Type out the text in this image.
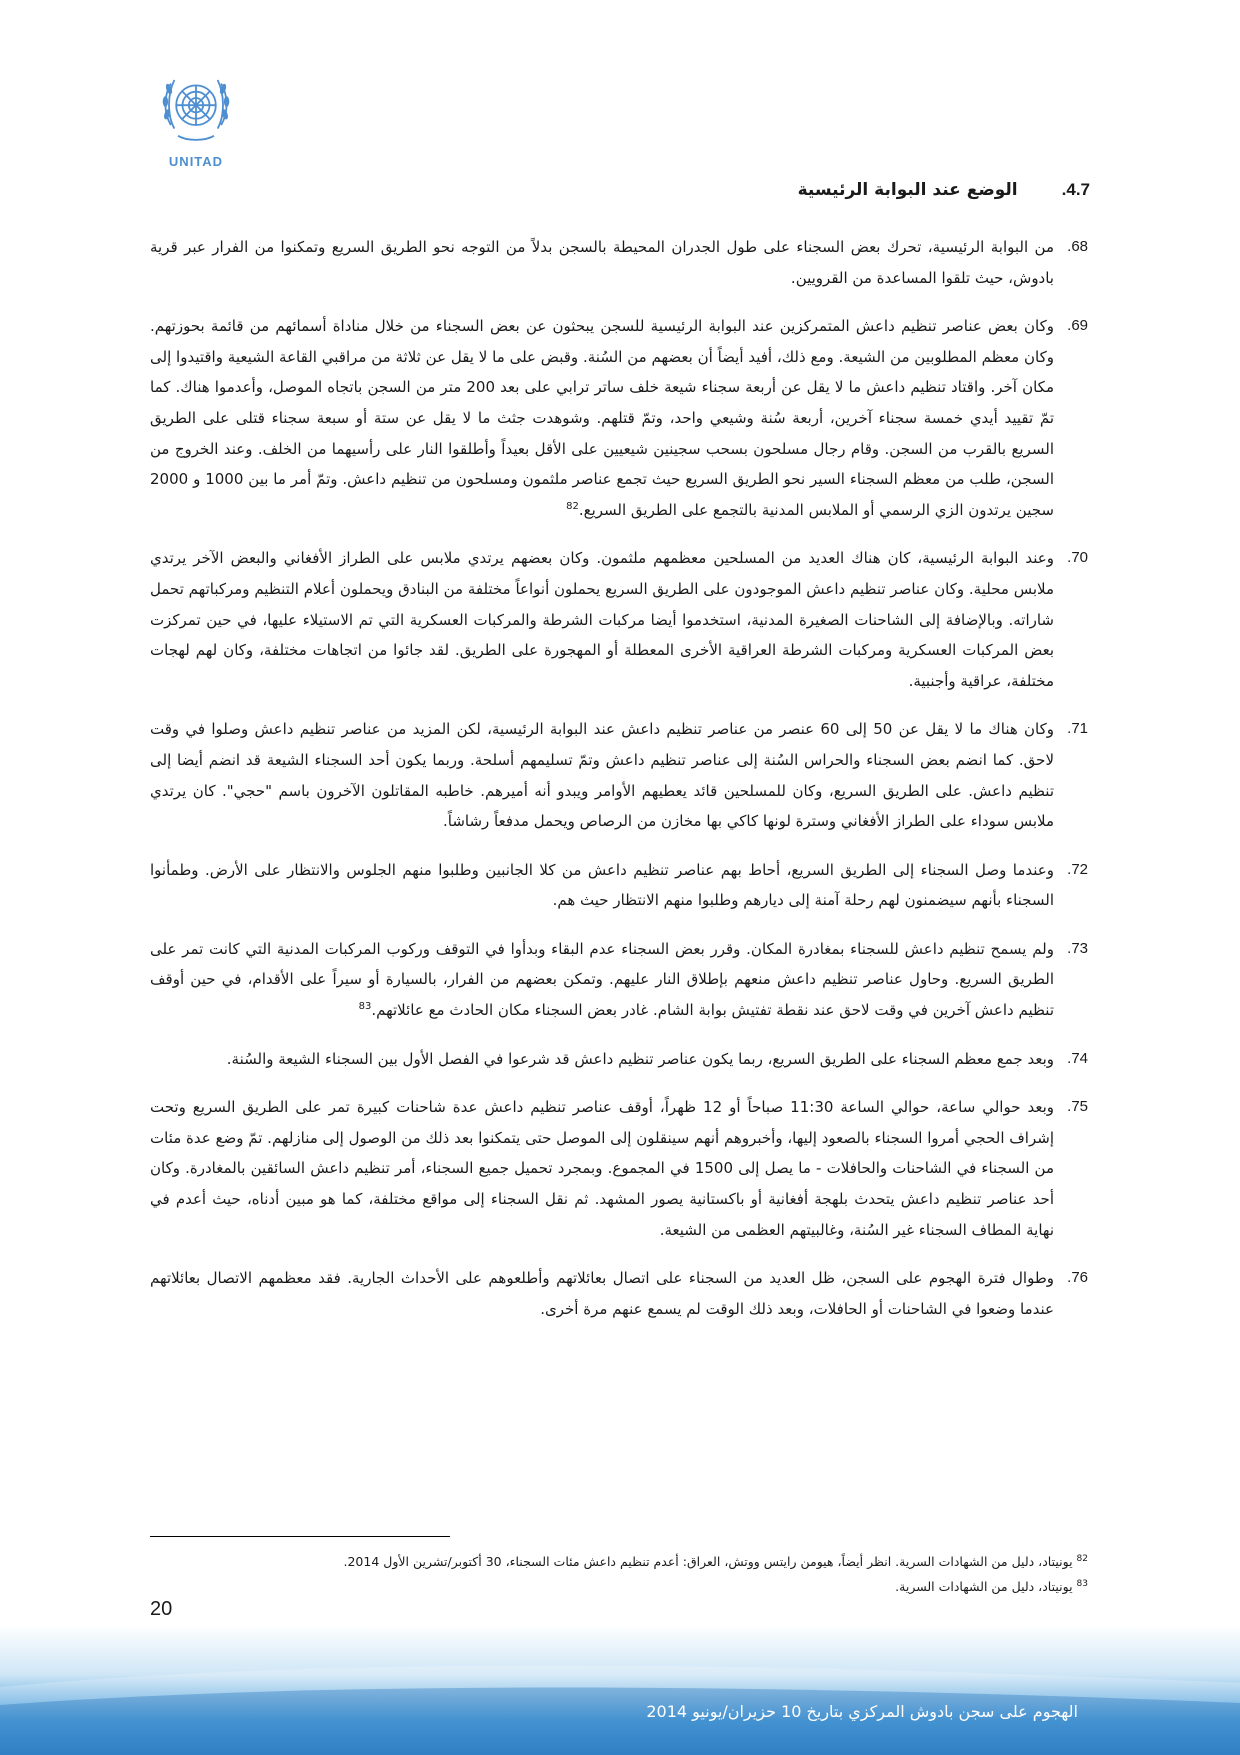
UNITAD
4.7.الوضع عند البوابة الرئيسية
68.
من البوابة الرئيسية، تحرك بعض السجناء على طول الجدران المحيطة بالسجن بدلاً من التوجه نحو الطريق السريع وتمكنوا من الفرار عبر قرية بادوش، حيث تلقوا المساعدة من القرويين.
69.
وكان بعض عناصر تنظيم داعش المتمركزين عند البوابة الرئيسية للسجن يبحثون عن بعض السجناء من خلال مناداة أسمائهم من قائمة بحوزتهم. وكان معظم المطلوبين من الشيعة. ومع ذلك، أفيد أيضاً أن بعضهم من السُنة. وقبض على ما لا يقل عن ثلاثة من مراقبي القاعة الشيعية واقتيدوا إلى مكان آخر. واقتاد تنظيم داعش ما لا يقل عن أربعة سجناء شيعة خلف ساتر ترابي على بعد 200 متر من السجن باتجاه الموصل، وأعدموا هناك. كما تمّ تقييد أيدي خمسة سجناء آخرين، أربعة سُنة وشيعي واحد، وتمّ قتلهم. وشوهدت جثث ما لا يقل عن ستة أو سبعة سجناء قتلى على الطريق السريع بالقرب من السجن. وقام رجال مسلحون بسحب سجينين شيعيين على الأقل بعيداً وأطلقوا النار على رأسيهما من الخلف. وعند الخروج من السجن، طلب من معظم السجناء السير نحو الطريق السريع حيث تجمع عناصر ملثمون ومسلحون من تنظيم داعش. وتمّ أمر ما بين 1000 و 2000 سجين يرتدون الزي الرسمي أو الملابس المدنية بالتجمع على الطريق السريع.$^{82}$
70.
وعند البوابة الرئيسية، كان هناك العديد من المسلحين معظمهم ملثمون. وكان بعضهم يرتدي ملابس على الطراز الأفغاني والبعض الآخر يرتدي ملابس محلية. وكان عناصر تنظيم داعش الموجودون على الطريق السريع يحملون أنواعاً مختلفة من البنادق ويحملون أعلام التنظيم ومركباتهم تحمل شاراته. وبالإضافة إلى الشاحنات الصغيرة المدنية، استخدموا أيضا مركبات الشرطة والمركبات العسكرية التي تم الاستيلاء عليها، في حين تمركزت بعض المركبات العسكرية ومركبات الشرطة العراقية الأخرى المعطلة أو المهجورة على الطريق. لقد جائوا من اتجاهات مختلفة، وكان لهم لهجات مختلفة، عراقية وأجنبية.
71.
وكان هناك ما لا يقل عن 50 إلى 60 عنصر من عناصر تنظيم داعش عند البوابة الرئيسية، لكن المزيد من عناصر تنظيم داعش وصلوا في وقت لاحق. كما انضم بعض السجناء والحراس السُنة إلى عناصر تنظيم داعش وتمّ تسليمهم أسلحة. وربما يكون أحد السجناء الشيعة قد انضم أيضا إلى تنظيم داعش. على الطريق السريع، وكان للمسلحين قائد يعطيهم الأوامر ويبدو أنه أميرهم. خاطبه المقاتلون الآخرون باسم "حجي". كان يرتدي ملابس سوداء على الطراز الأفغاني وسترة لونها كاكي بها مخازن من الرصاص ويحمل مدفعاً رشاشاً.
72.
وعندما وصل السجناء إلى الطريق السريع، أحاط بهم عناصر تنظيم داعش من كلا الجانبين وطلبوا منهم الجلوس والانتظار على الأرض. وطمأنوا السجناء بأنهم سيضمنون لهم رحلة آمنة إلى ديارهم وطلبوا منهم الانتظار حيث هم.
73.
ولم يسمح تنظيم داعش للسجناء بمغادرة المكان. وقرر بعض السجناء عدم البقاء وبدأوا في التوقف وركوب المركبات المدنية التي كانت تمر على الطريق السريع. وحاول عناصر تنظيم داعش منعهم بإطلاق النار عليهم. وتمكن بعضهم من الفرار، بالسيارة أو سيراً على الأقدام، في حين أوقف تنظيم داعش آخرين في وقت لاحق عند نقطة تفتيش بوابة الشام. غادر بعض السجناء مكان الحادث مع عائلاتهم.$^{83}$
74.
وبعد جمع معظم السجناء على الطريق السريع، ربما يكون عناصر تنظيم داعش قد شرعوا في الفصل الأول بين السجناء الشيعة والسُنة.
75.
وبعد حوالي ساعة، حوالي الساعة 11:30 صباحاً أو 12 ظهراً، أوقف عناصر تنظيم داعش عدة شاحنات كبيرة تمر على الطريق السريع وتحت إشراف الحجي أمروا السجناء بالصعود إليها، وأخبروهم أنهم سينقلون إلى الموصل حتى يتمكنوا بعد ذلك من الوصول إلى منازلهم. تمّ وضع عدة مئات من السجناء في الشاحنات والحافلات - ما يصل إلى 1500 في المجموع. وبمجرد تحميل جميع السجناء، أمر تنظيم داعش السائقين بالمغادرة. وكان أحد عناصر تنظيم داعش يتحدث بلهجة أفغانية أو باكستانية يصور المشهد. ثم نقل السجناء إلى مواقع مختلفة، كما هو مبين أدناه، حيث أعدم في نهاية المطاف السجناء غير السُنة، وغالبيتهم العظمى من الشيعة.
76.
وطوال فترة الهجوم على السجن، ظل العديد من السجناء على اتصال بعائلاتهم وأطلعوهم على الأحداث الجارية. فقد معظمهم الاتصال بعائلاتهم عندما وضعوا في الشاحنات أو الحافلات، وبعد ذلك الوقت لم يسمع عنهم مرة أخرى.
$^{82}$ يونيتاد، دليل من الشهادات السرية. انظر أيضاً، هيومن رايتس ووتش، العراق: أعدم تنظيم داعش مئات السجناء، 30 أكتوبر/تشرين الأول 2014.
$^{83}$ يونيتاد، دليل من الشهادات السرية.
20
الهجوم على سجن بادوش المركزي بتاريخ 10 حزيران/يونيو 2014
